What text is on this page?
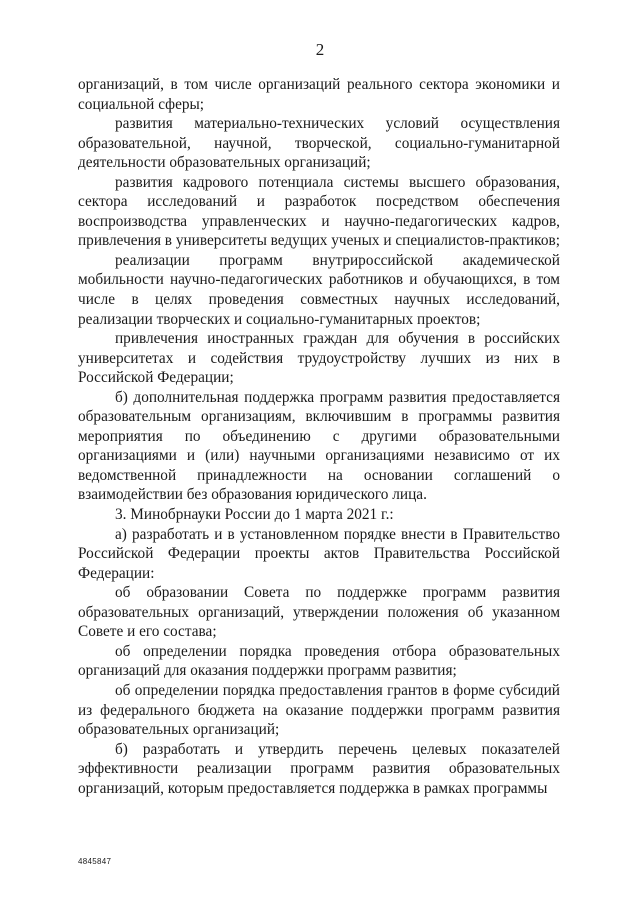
2

организаций, в том числе организаций реального сектора экономики и социальной сферы;

развития материально-технических условий осуществления образовательной, научной, творческой, социально-гуманитарной деятельности образовательных организаций;

развития кадрового потенциала системы высшего образования, сектора исследований и разработок посредством обеспечения воспроизводства управленческих и научно-педагогических кадров, привлечения в университеты ведущих ученых и специалистов-практиков;

реализации программ внутрироссийской академической мобильности научно-педагогических работников и обучающихся, в том числе в целях проведения совместных научных исследований, реализации творческих и социально-гуманитарных проектов;

привлечения иностранных граждан для обучения в российских университетах и содействия трудоустройству лучших из них в Российской Федерации;

б) дополнительная поддержка программ развития предоставляется образовательным организациям, включившим в программы развития мероприятия по объединению с другими образовательными организациями и (или) научными организациями независимо от их ведомственной принадлежности на основании соглашений о взаимодействии без образования юридического лица.

3. Минобрнауки России до 1 марта 2021 г.:

а) разработать и в установленном порядке внести в Правительство Российской Федерации проекты актов Правительства Российской Федерации:

об образовании Совета по поддержке программ развития образовательных организаций, утверждении положения об указанном Совете и его состава;

об определении порядка проведения отбора образовательных организаций для оказания поддержки программ развития;

об определении порядка предоставления грантов в форме субсидий из федерального бюджета на оказание поддержки программ развития образовательных организаций;

б) разработать и утвердить перечень целевых показателей эффективности реализации программ развития образовательных организаций, которым предоставляется поддержка в рамках программы

4845847
